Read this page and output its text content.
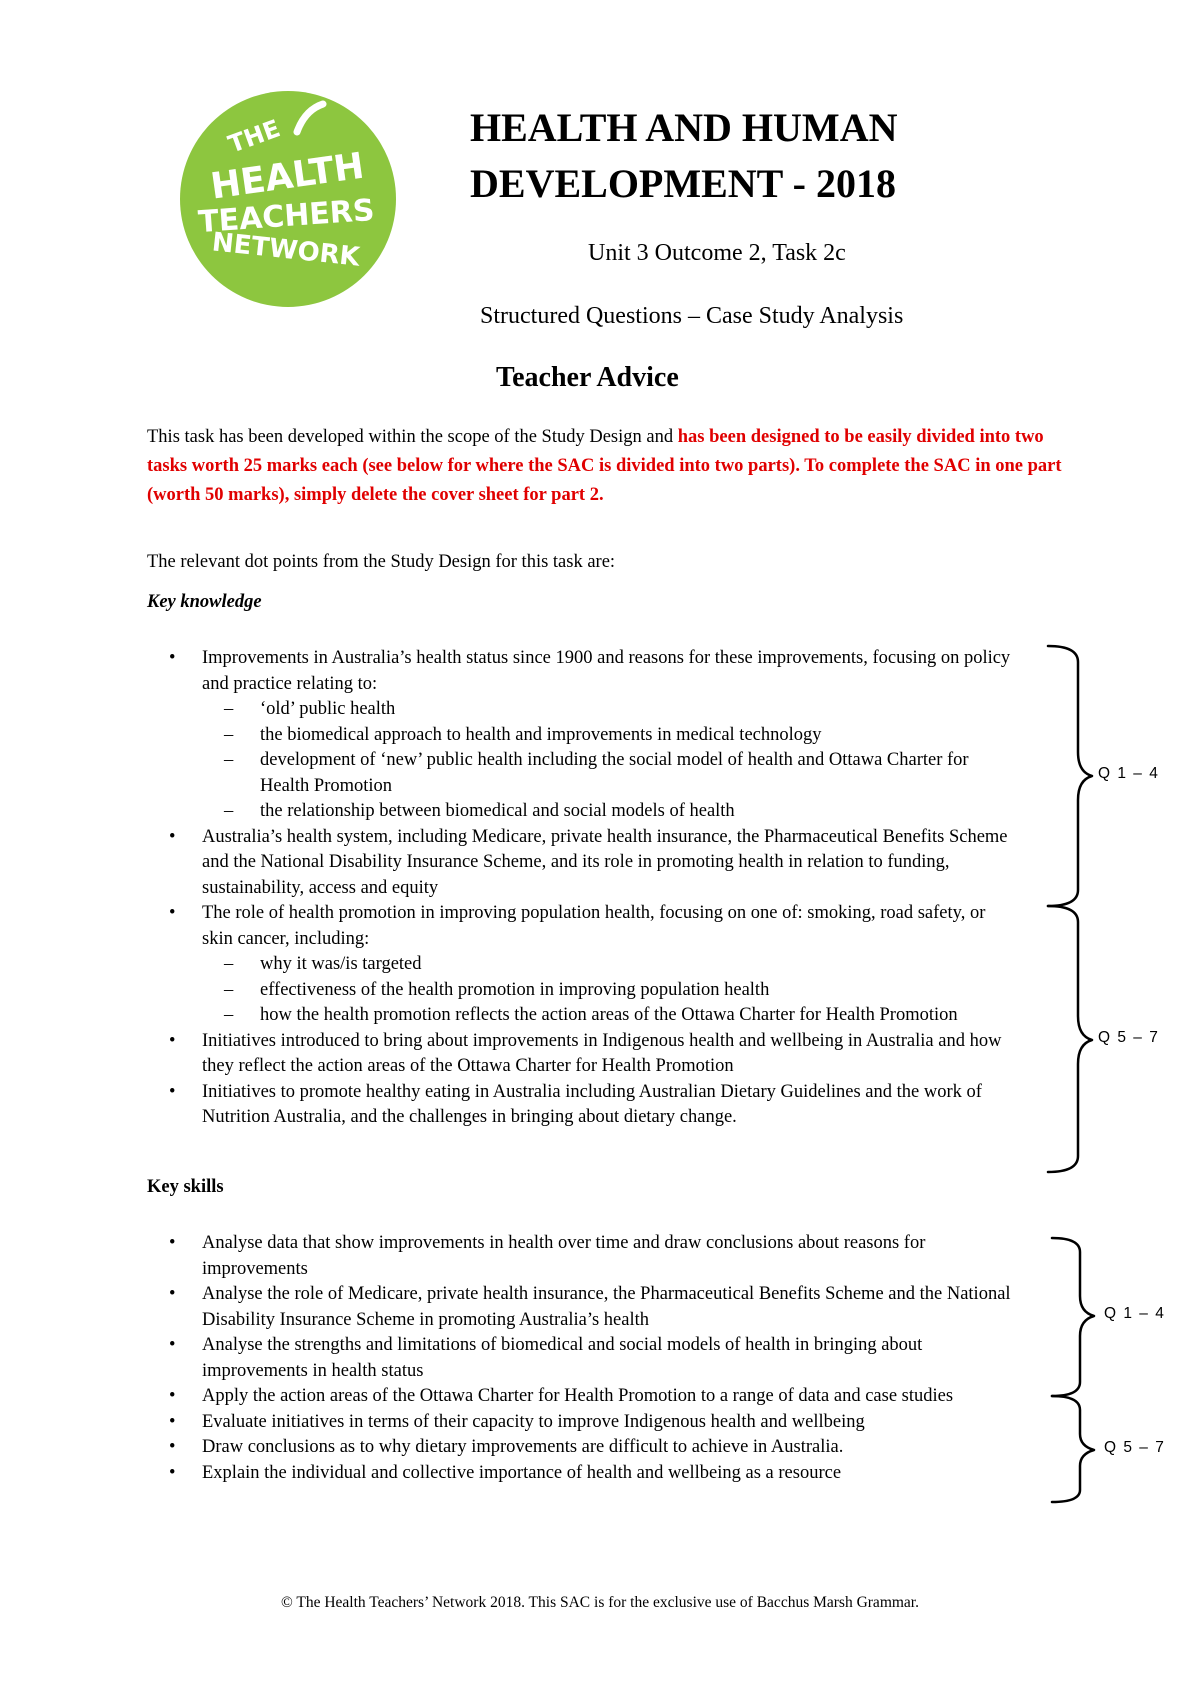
THE
HEALTH
TEACHERS
NETWORK
HEALTH AND HUMAN DEVELOPMENT - 2018
Unit 3 Outcome 2, Task 2c
Structured Questions – Case Study Analysis
Teacher Advice
This task has been developed within the scope of the Study Design and has been designed to be easily divided into two tasks worth 25 marks each (see below for where the SAC is divided into two parts). To complete the SAC in one part (worth 50 marks), simply delete the cover sheet for part 2.
The relevant dot points from the Study Design for this task are:
Key knowledge
• Improvements in Australia’s health status since 1900 and reasons for these improvements, focusing on policy and practice relating to:
– ‘old’ public health
– the biomedical approach to health and improvements in medical technology
– development of ‘new’ public health including the social model of health and Ottawa Charter for Health Promotion
– the relationship between biomedical and social models of health
• Australia’s health system, including Medicare, private health insurance, the Pharmaceutical Benefits Scheme and the National Disability Insurance Scheme, and its role in promoting health in relation to funding, sustainability, access and equity
• The role of health promotion in improving population health, focusing on one of: smoking, road safety, or skin cancer, including:
– why it was/is targeted
– effectiveness of the health promotion in improving population health
– how the health promotion reflects the action areas of the Ottawa Charter for Health Promotion
• Initiatives introduced to bring about improvements in Indigenous health and wellbeing in Australia and how they reflect the action areas of the Ottawa Charter for Health Promotion
• Initiatives to promote healthy eating in Australia including Australian Dietary Guidelines and the work of Nutrition Australia, and the challenges in bringing about dietary change.
Key skills
• Analyse data that show improvements in health over time and draw conclusions about reasons for improvements
• Analyse the role of Medicare, private health insurance, the Pharmaceutical Benefits Scheme and the National Disability Insurance Scheme in promoting Australia’s health
• Analyse the strengths and limitations of biomedical and social models of health in bringing about improvements in health status
• Apply the action areas of the Ottawa Charter for Health Promotion to a range of data and case studies
• Evaluate initiatives in terms of their capacity to improve Indigenous health and wellbeing
• Draw conclusions as to why dietary improvements are difficult to achieve in Australia.
• Explain the individual and collective importance of health and wellbeing as a resource
Q 1 – 4
Q 5 – 7
Q 1 – 4
Q 5 – 7
© The Health Teachers’ Network 2018. This SAC is for the exclusive use of Bacchus Marsh Grammar.
